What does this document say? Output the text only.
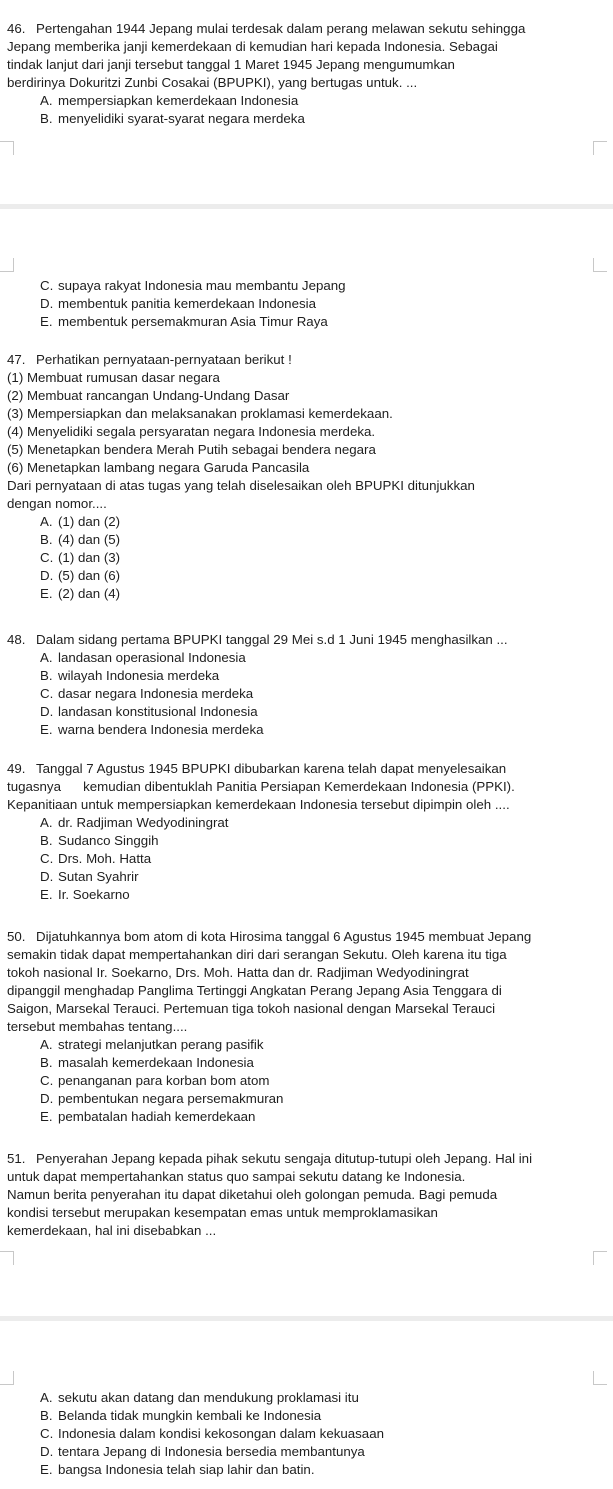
46. Pertengahan 1944 Jepang mulai terdesak dalam perang melawan sekutu sehingga
Jepang memberika janji kemerdekaan di kemudian hari kepada Indonesia. Sebagai
tindak lanjut dari janji tersebut tanggal 1 Maret 1945 Jepang mengumumkan
berdirinya Dokuritzi Zunbi Cosakai (BPUPKI), yang bertugas untuk. ...
A. mempersiapkan kemerdekaan Indonesia
B. menyelidiki syarat-syarat negara merdeka
C. supaya rakyat Indonesia mau membantu Jepang
D. membentuk panitia kemerdekaan Indonesia
E. membentuk persemakmuran Asia Timur Raya
47. Perhatikan pernyataan-pernyataan berikut !
(1) Membuat rumusan dasar negara
(2) Membuat rancangan Undang-Undang Dasar
(3) Mempersiapkan dan melaksanakan proklamasi kemerdekaan.
(4) Menyelidiki segala persyaratan negara Indonesia merdeka.
(5) Menetapkan bendera Merah Putih sebagai bendera negara
(6) Menetapkan lambang negara Garuda Pancasila
Dari pernyataan di atas tugas yang telah diselesaikan oleh BPUPKI ditunjukkan
dengan nomor....
A. (1) dan (2)
B. (4) dan (5)
C. (1) dan (3)
D. (5) dan (6)
E. (2) dan (4)
48. Dalam sidang pertama BPUPKI tanggal 29 Mei s.d 1 Juni 1945 menghasilkan ...
A. landasan operasional Indonesia
B. wilayah Indonesia merdeka
C. dasar negara Indonesia merdeka
D. landasan konstitusional Indonesia
E. warna bendera Indonesia merdeka
49. Tanggal 7 Agustus 1945 BPUPKI dibubarkan karena telah dapat menyelesaikan
tugasnya      kemudian dibentuklah Panitia Persiapan Kemerdekaan Indonesia (PPKI).
Kepanitiaan untuk mempersiapkan kemerdekaan Indonesia tersebut dipimpin oleh ....
A. dr. Radjiman Wedyodiningrat
B. Sudanco Singgih
C. Drs. Moh. Hatta
D. Sutan Syahrir
E. Ir. Soekarno
50. Dijatuhkannya bom atom di kota Hirosima tanggal 6 Agustus 1945 membuat Jepang
semakin tidak dapat mempertahankan diri dari serangan Sekutu. Oleh karena itu tiga
tokoh nasional Ir. Soekarno, Drs. Moh. Hatta dan dr. Radjiman Wedyodiningrat
dipanggil menghadap Panglima Tertinggi Angkatan Perang Jepang Asia Tenggara di
Saigon, Marsekal Terauci. Pertemuan tiga tokoh nasional dengan Marsekal Terauci
tersebut membahas tentang....
A. strategi melanjutkan perang pasifik
B. masalah kemerdekaan Indonesia
C. penanganan para korban bom atom
D. pembentukan negara persemakmuran
E. pembatalan hadiah kemerdekaan
51. Penyerahan Jepang kepada pihak sekutu sengaja ditutup-tutupi oleh Jepang. Hal ini
untuk dapat mempertahankan status quo sampai sekutu datang ke Indonesia.
Namun berita penyerahan itu dapat diketahui oleh golongan pemuda. Bagi pemuda
kondisi tersebut merupakan kesempatan emas untuk memproklamasikan
kemerdekaan, hal ini disebabkan ...
A. sekutu akan datang dan mendukung proklamasi itu
B. Belanda tidak mungkin kembali ke Indonesia
C. Indonesia dalam kondisi kekosongan dalam kekuasaan
D. tentara Jepang di Indonesia bersedia membantunya
E. bangsa Indonesia telah siap lahir dan batin.
